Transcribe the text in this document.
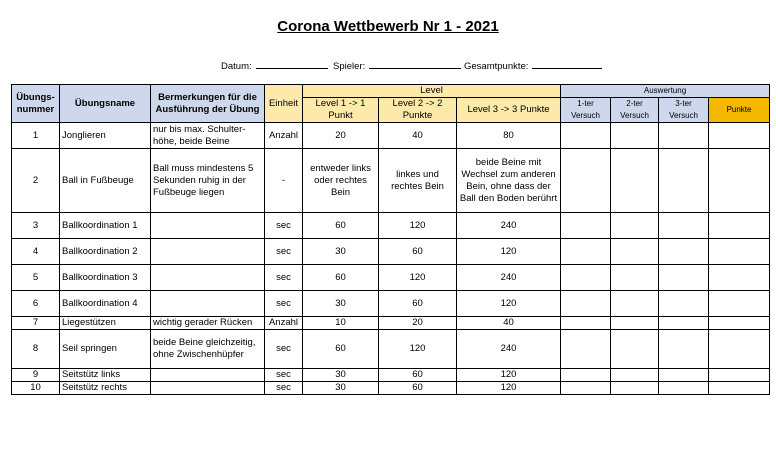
Corona Wettbewerb Nr 1 - 2021
Datum:	Spieler:	Gesamtpunkte:
Übungs-nummer	Übungsname	Bermerkungen für die Ausführung der Übung	Einheit	Level			Auswertung			
				Level 1 -> 1 Punkt	Level 2 -> 2 Punkte	Level 3 -> 3 Punkte	1-ter Versuch	2-ter Versuch	3-ter Versuch	Punkte
1	Jonglieren	nur bis max. Schulter-höhe, beide Beine	Anzahl	20	40	80				
2	Ball in Fußbeuge	Ball muss mindestens 5 Sekunden ruhig in der Fußbeuge liegen	-	entweder links oder rechtes Bein	linkes und rechtes Bein	beide Beine mit Wechsel zum anderen Bein, ohne dass der Ball den Boden berührt				
3	Ballkoordination 1		sec	60	120	240				
4	Ballkoordination 2		sec	30	60	120				
5	Ballkoordination 3		sec	60	120	240				
6	Ballkoordination 4		sec	30	60	120				
7	Liegestützen	wichtig gerader Rücken	Anzahl	10	20	40				
8	Seil springen	beide Beine gleichzeitig, ohne Zwischenhüpfer	sec	60	120	240				
9	Seitstütz links		sec	30	60	120				
10	Seitstütz rechts		sec	30	60	120				
